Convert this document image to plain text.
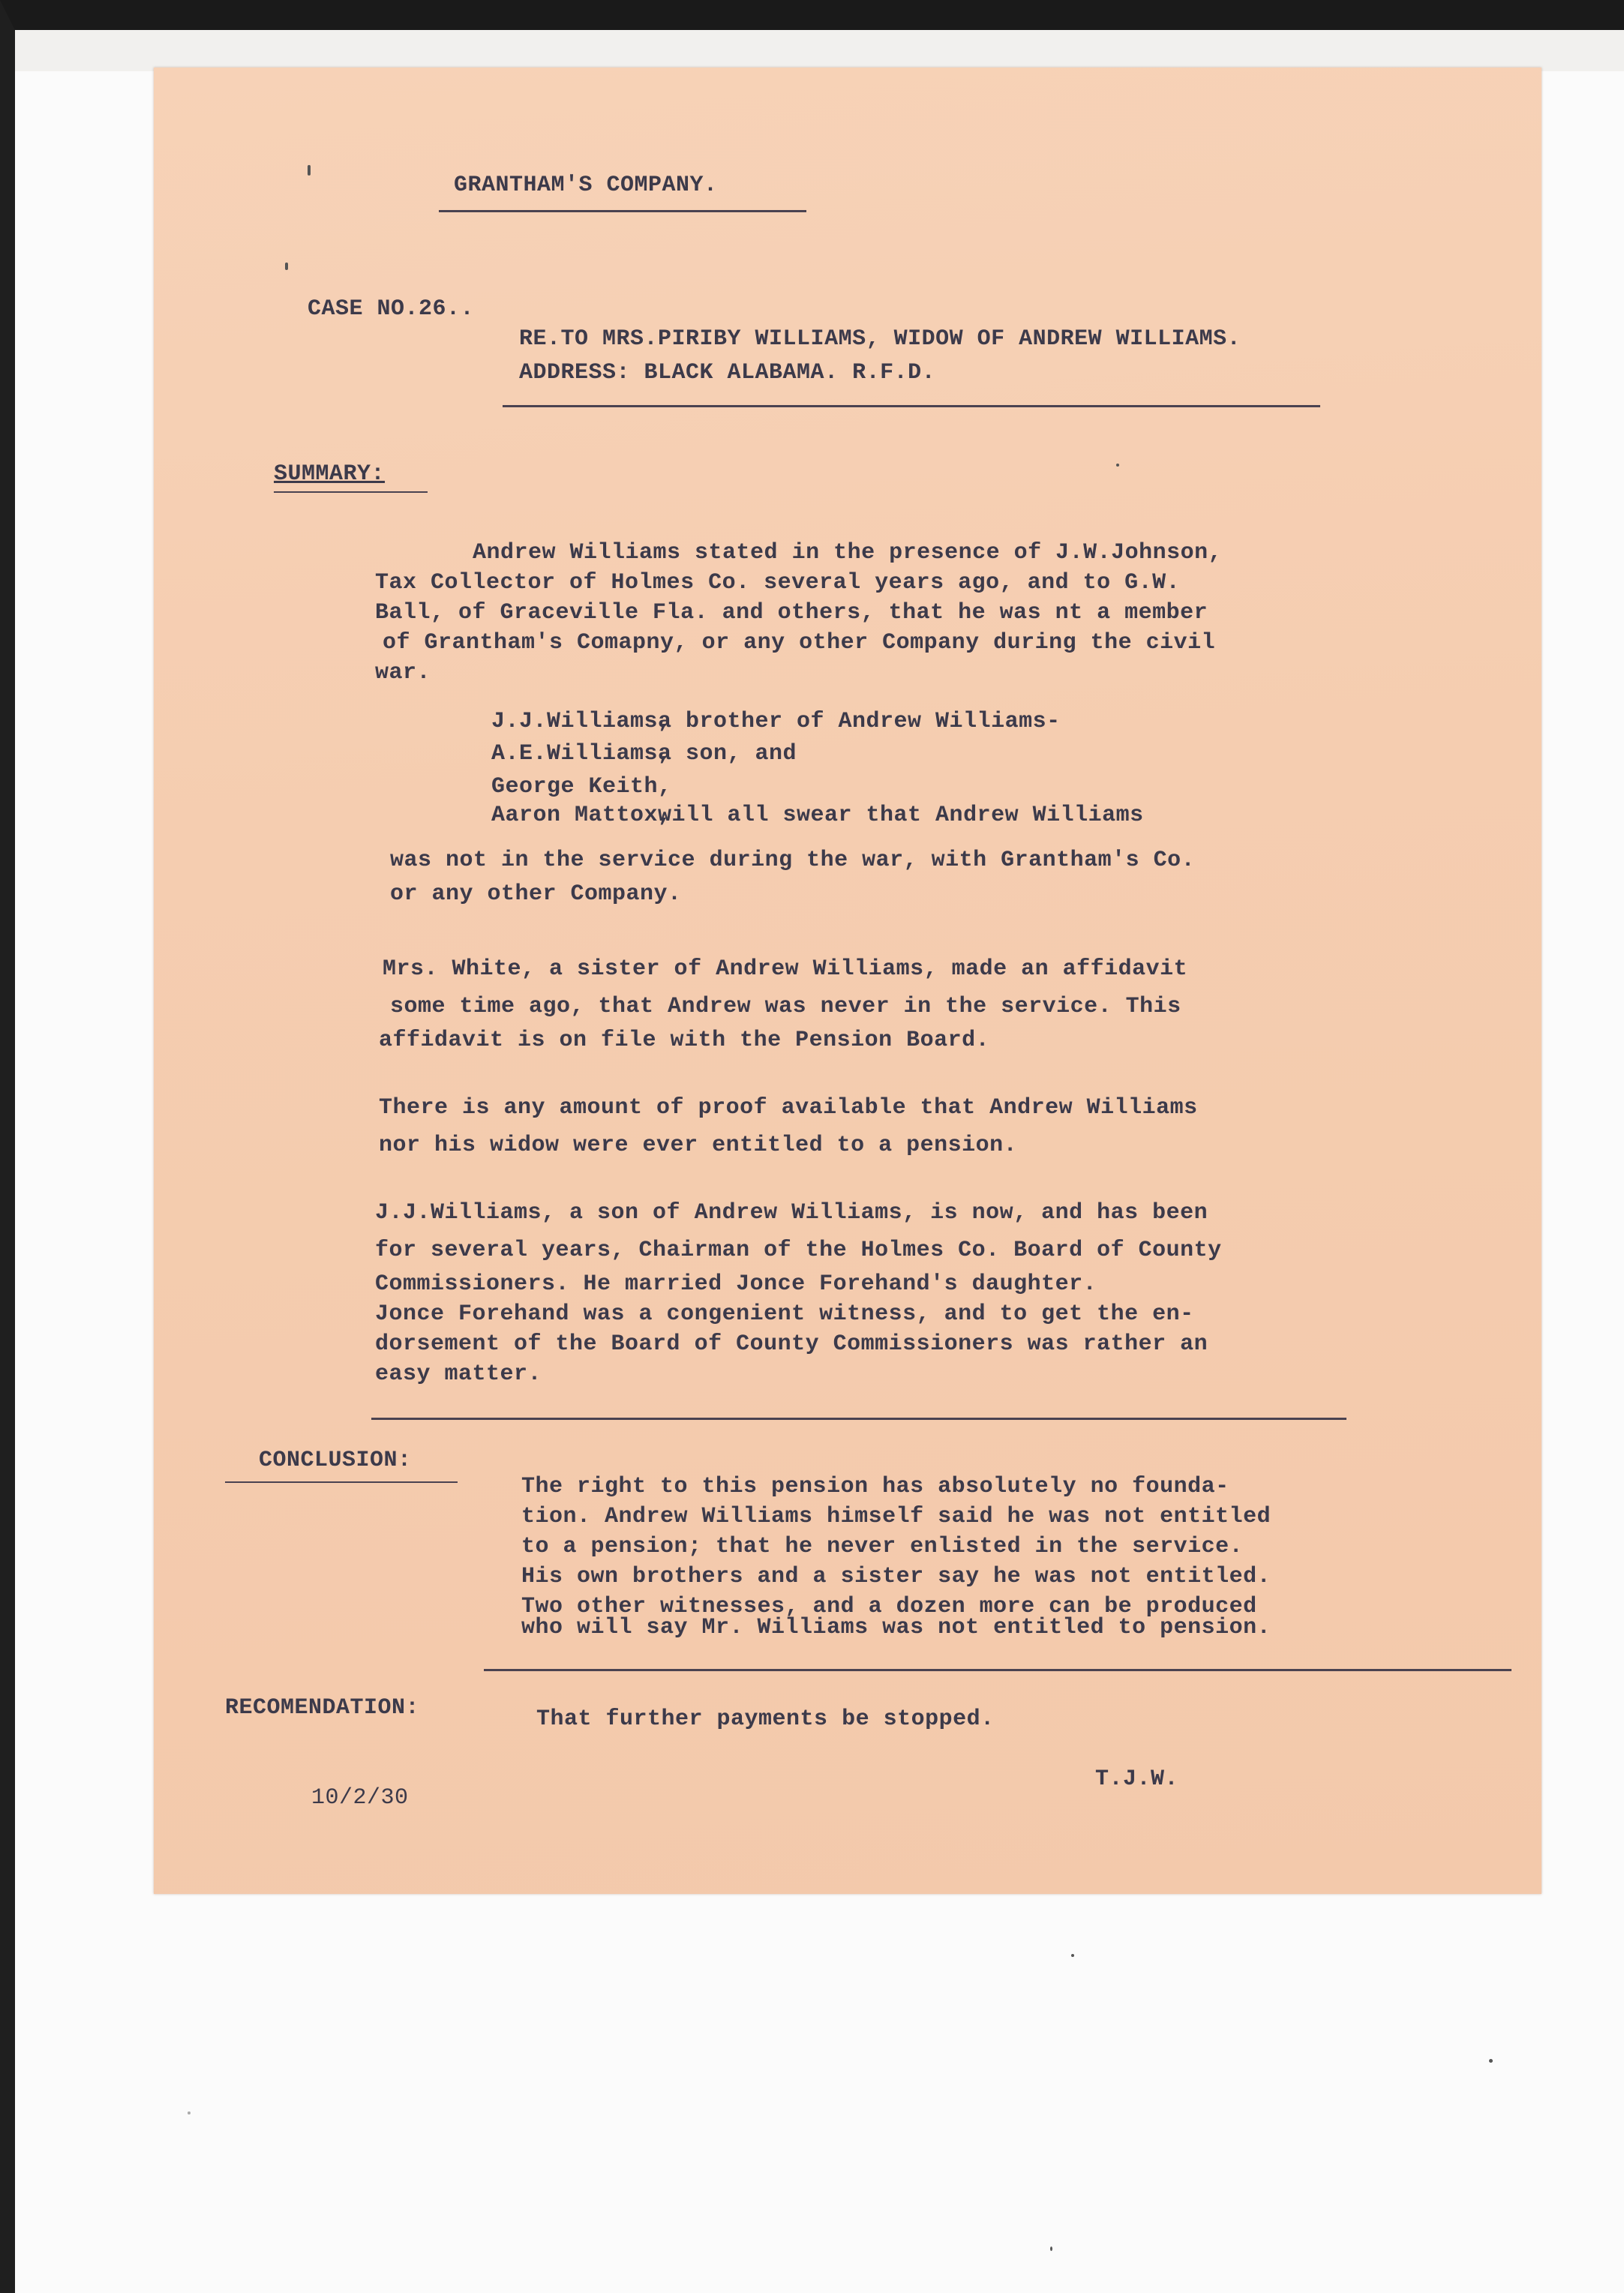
GRANTHAM'S COMPANY.
CASE NO.26..
RE.TO MRS.PIRIBY WILLIAMS, WIDOW OF ANDREW WILLIAMS.
ADDRESS: BLACK ALABAMA. R.F.D.
SUMMARY:
Andrew Williams stated in the presence of J.W.Johnson,
Tax Collector of Holmes Co. several years ago, and to G.W.
Ball, of Graceville Fla. and others, that he was nt a member
of Grantham's Comapny, or any other Company during the civil
war.
J.J.Williams,
a brother of Andrew Williams-
A.E.Williams,
a son, and
George Keith,
Aaron Mattox,
will all swear that Andrew Williams
was not in the service during the war, with Grantham's Co.
or any other Company.
Mrs. White, a sister of Andrew Williams, made an affidavit
some time ago, that Andrew was never in the service. This
affidavit is on file with the Pension Board.
There is any amount of proof available that Andrew Williams
nor his widow were ever entitled to a pension.
J.J.Williams, a son of Andrew Williams, is now, and has been
for several years, Chairman of the Holmes Co. Board of County
Commissioners. He married Jonce Forehand's daughter.
Jonce Forehand was a congenient witness, and to get the en-
dorsement of the Board of County Commissioners was rather an
easy matter.
CONCLUSION:
The right to this pension has absolutely no founda-
tion. Andrew Williams himself said he was not entitled
to a pension; that he never enlisted in the service.
His own brothers and a sister say he was not entitled.
Two other witnesses, and a dozen more can be produced
who will say Mr. Williams was not entitled to pension.
RECOMENDATION:	That further payments be stopped.
10/2/30
T.J.W.
